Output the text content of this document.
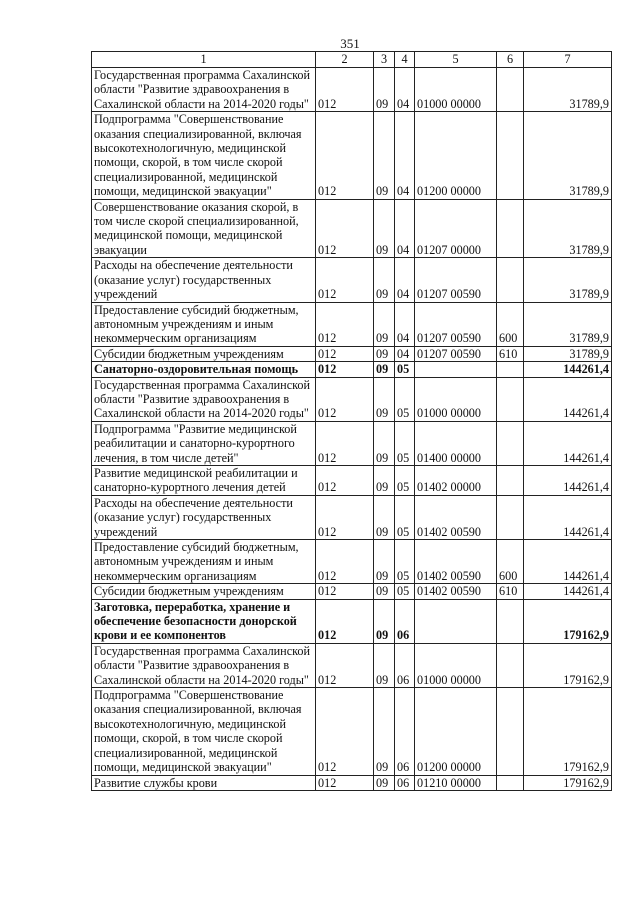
351
1	2	3	4	5	6	7
Государственная программа Сахалинской области "Развитие здравоохранения в Сахалинской области на 2014-2020 годы"	012	09	04	01000 00000		31789,9
Подпрограмма "Совершенствование оказания специализированной, включая высокотехнологичную, медицинской помощи, скорой, в том числе скорой специализированной, медицинской помощи, медицинской эвакуации"	012	09	04	01200 00000		31789,9
Совершенствование оказания скорой, в том числе скорой специализированной, медицинской помощи, медицинской эвакуации	012	09	04	01207 00000		31789,9
Расходы на обеспечение деятельности (оказание услуг) государственных учреждений	012	09	04	01207 00590		31789,9
Предоставление субсидий бюджетным, автономным учреждениям и иным некоммерческим организациям	012	09	04	01207 00590	600	31789,9
Субсидии бюджетным учреждениям	012	09	04	01207 00590	610	31789,9
Санаторно-оздоровительная помощь	012	09	05			144261,4
Государственная программа Сахалинской области "Развитие здравоохранения в Сахалинской области на 2014-2020 годы"	012	09	05	01000 00000		144261,4
Подпрограмма "Развитие медицинской реабилитации и санаторно-курортного лечения, в том числе детей"	012	09	05	01400 00000		144261,4
Развитие медицинской реабилитации и санаторно-курортного лечения детей	012	09	05	01402 00000		144261,4
Расходы на обеспечение деятельности (оказание услуг) государственных учреждений	012	09	05	01402 00590		144261,4
Предоставление субсидий бюджетным, автономным учреждениям и иным некоммерческим организациям	012	09	05	01402 00590	600	144261,4
Субсидии бюджетным учреждениям	012	09	05	01402 00590	610	144261,4
Заготовка, переработка, хранение и обеспечение безопасности донорской крови и ее компонентов	012	09	06			179162,9
Государственная программа Сахалинской области "Развитие здравоохранения в Сахалинской области на 2014-2020 годы"	012	09	06	01000 00000		179162,9
Подпрограмма "Совершенствование оказания специализированной, включая высокотехнологичную, медицинской помощи, скорой, в том числе скорой специализированной, медицинской помощи, медицинской эвакуации"	012	09	06	01200 00000		179162,9
Развитие службы крови	012	09	06	01210 00000		179162,9
